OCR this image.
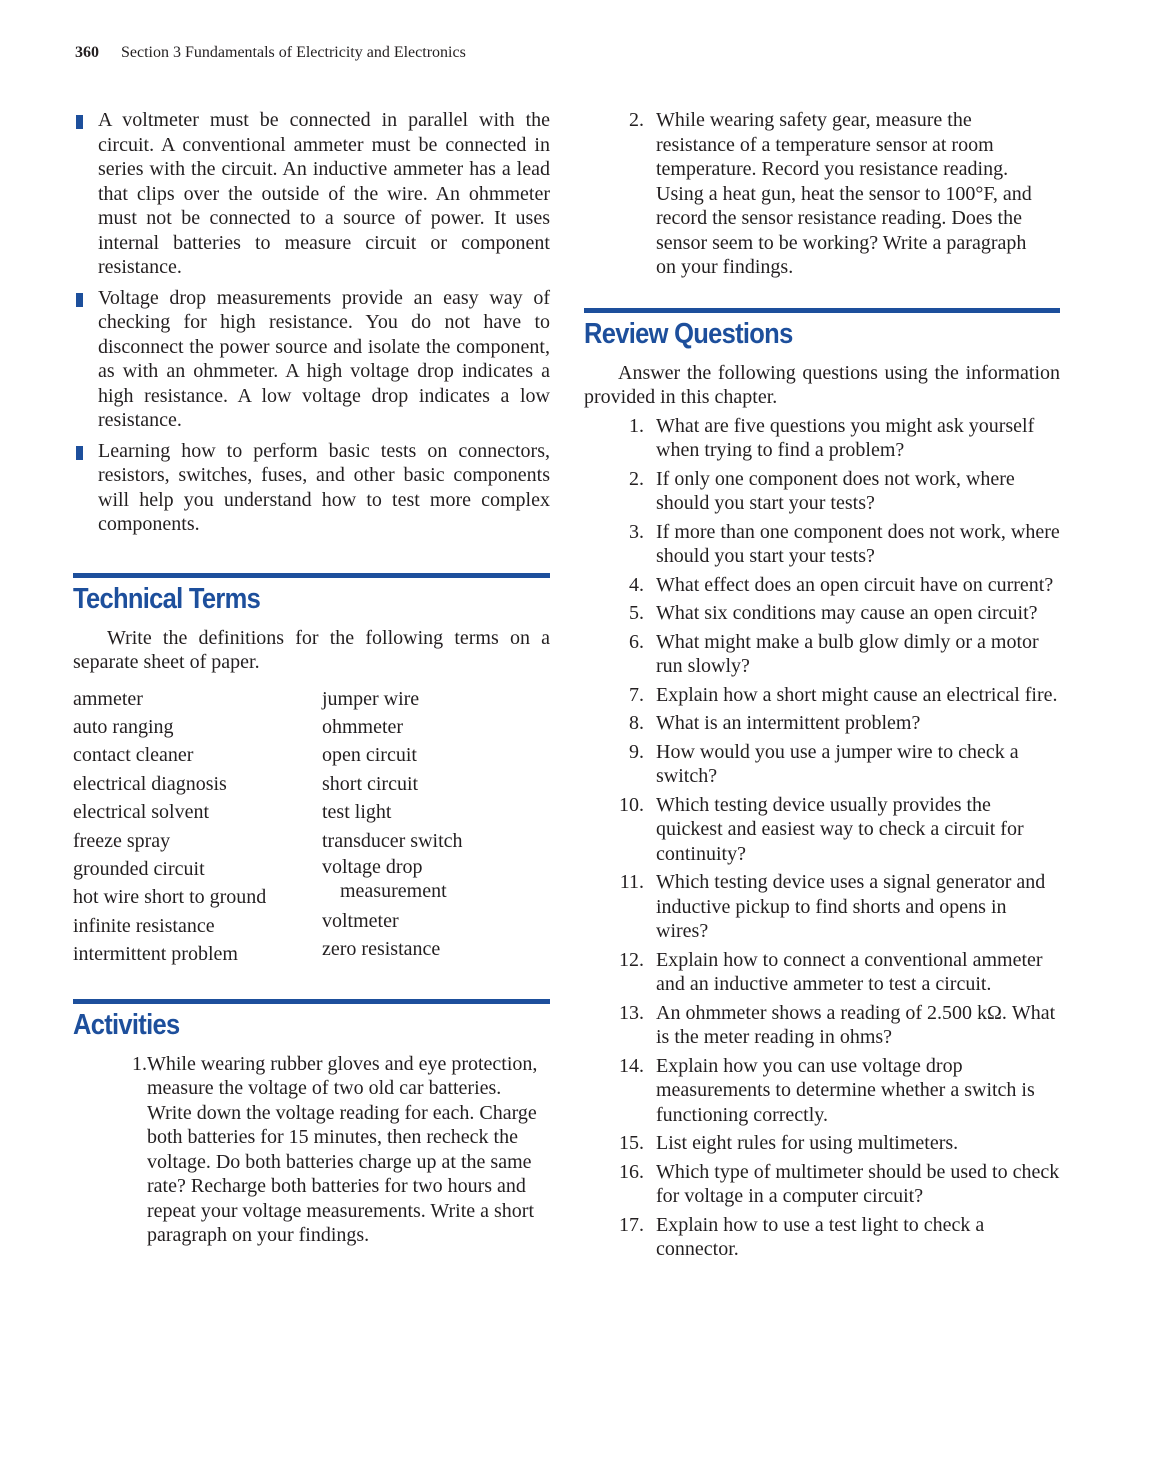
360 Section 3 Fundamentals of Electricity and Electronics
A voltmeter must be connected in parallel with the circuit. A conventional ammeter must be connected in series with the circuit. An inductive ammeter has a lead that clips over the outside of the wire. An ohmmeter must not be connected to a source of power. It uses internal batteries to measure circuit or component resistance.
Voltage drop measurements provide an easy way of checking for high resistance. You do not have to disconnect the power source and isolate the component, as with an ohmmeter. A high voltage drop indicates a high resistance. A low voltage drop indicates a low resistance.
Learning how to perform basic tests on connectors, resistors, switches, fuses, and other basic components will help you understand how to test more complex components.
Technical Terms
Write the definitions for the following terms on a separate sheet of paper.
ammeter
auto ranging
contact cleaner
electrical diagnosis
electrical solvent
freeze spray
grounded circuit
hot wire short to ground
infinite resistance
intermittent problem
jumper wire
ohmmeter
open circuit
short circuit
test light
transducer switch
voltage drop
measurement
voltmeter
zero resistance
Activities
1. While wearing rubber gloves and eye protection, measure the voltage of two old car batteries. Write down the voltage reading for each. Charge both batteries for 15 minutes, then recheck the voltage. Do both batteries charge up at the same rate? Recharge both batteries for two hours and repeat your voltage measurements. Write a short paragraph on your findings.
2. While wearing safety gear, measure the resistance of a temperature sensor at room temperature. Record you resistance reading. Using a heat gun, heat the sensor to 100°F, and record the sensor resistance reading. Does the sensor seem to be working? Write a paragraph on your findings.
Review Questions
Answer the following questions using the information provided in this chapter.
1. What are five questions you might ask yourself when trying to find a problem?
2. If only one component does not work, where should you start your tests?
3. If more than one component does not work, where should you start your tests?
4. What effect does an open circuit have on current?
5. What six conditions may cause an open circuit?
6. What might make a bulb glow dimly or a motor run slowly?
7. Explain how a short might cause an electrical fire.
8. What is an intermittent problem?
9. How would you use a jumper wire to check a switch?
10. Which testing device usually provides the quickest and easiest way to check a circuit for continuity?
11. Which testing device uses a signal generator and inductive pickup to find shorts and opens in wires?
12. Explain how to connect a conventional ammeter and an inductive ammeter to test a circuit.
13. An ohmmeter shows a reading of 2.500 kΩ. What is the meter reading in ohms?
14. Explain how you can use voltage drop measurements to determine whether a switch is functioning correctly.
15. List eight rules for using multimeters.
16. Which type of multimeter should be used to check for voltage in a computer circuit?
17. Explain how to use a test light to check a connector.
